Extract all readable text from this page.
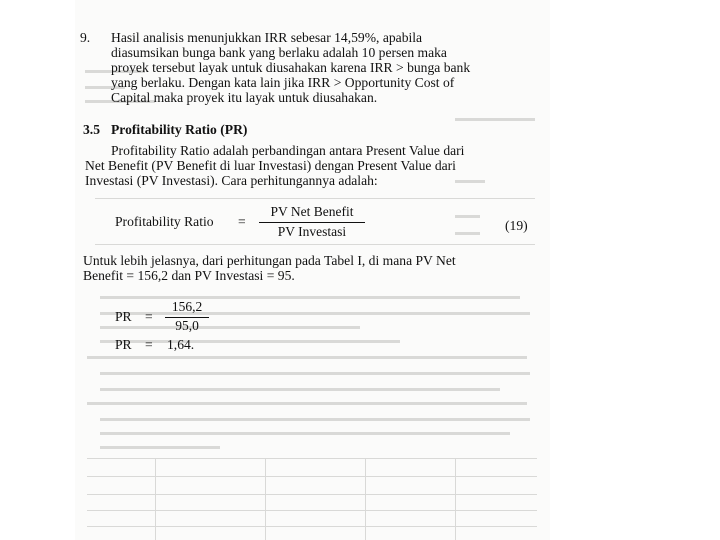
9. Hasil analisis menunjukkan IRR sebesar 14,59%, apabila
diasumsikan bunga bank yang berlaku adalah 10 persen maka
proyek tersebut layak untuk diusahakan karena IRR > bunga bank
yang berlaku. Dengan kata lain jika IRR > Opportunity Cost of
Capital maka proyek itu layak untuk diusahakan.
3.5 Profitability Ratio (PR)
Profitability Ratio adalah perbandingan antara Present Value dari
Net Benefit (PV Benefit di luar Investasi) dengan Present Value dari
Investasi (PV Investasi). Cara perhitungannya adalah:
Profitability Ratio =
PV Net Benefit
PV Investasi	(19)
Untuk lebih jelasnya, dari perhitungan pada Tabel I, di mana PV Net
Benefit = 156,2 dan PV Investasi = 95.
PR =
156,2
95,0
PR = 1,64.
